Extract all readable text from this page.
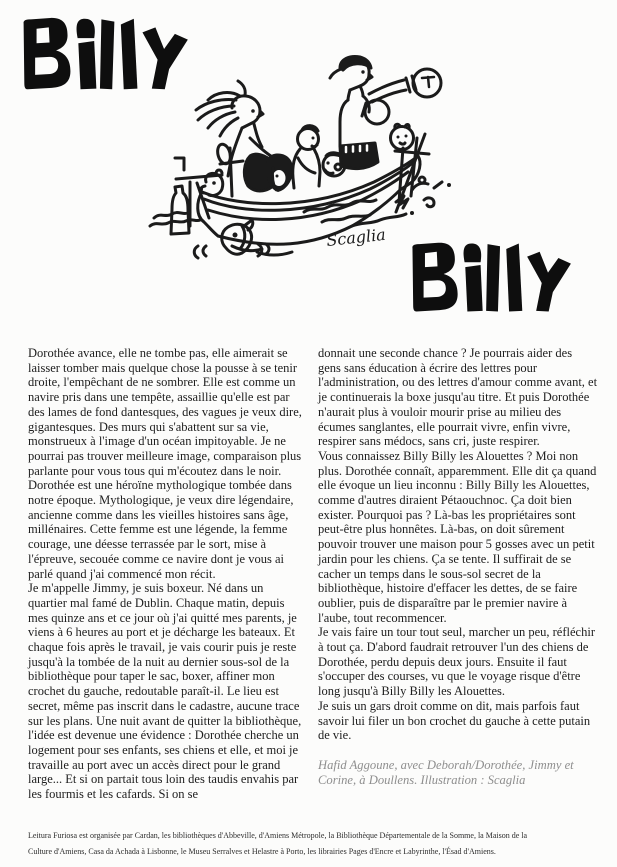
Scaglia

Dorothée avance, elle ne tombe pas, elle aimerait se laisser tomber mais quelque chose la pousse à se tenir droite, l'empêchant de ne sombrer. Elle est comme un navire pris dans une tempête, assaillie qu'elle est par des lames de fond dantesques, des vagues je veux dire, gigantesques. Des murs qui s'abattent sur sa vie, monstrueux à l'image d'un océan impitoyable. Je ne pourrai pas trouver meilleure image, comparaison plus parlante pour vous tous qui m'écoutez dans le noir. Dorothée est une héroïne mythologique tombée dans notre époque. Mythologique, je veux dire légendaire, ancienne comme dans les vieilles histoires sans âge, millénaires. Cette femme est une légende, la femme courage, une déesse terrassée par le sort, mise à l'épreuve, secouée comme ce navire dont je vous ai parlé quand j'ai commencé mon récit.

Je m'appelle Jimmy, je suis boxeur. Né dans un quartier mal famé de Dublin. Chaque matin, depuis mes quinze ans et ce jour où j'ai quitté mes parents, je viens à 6 heures au port et je décharge les bateaux. Et chaque fois après le travail, je vais courir puis je reste jusqu'à la tombée de la nuit au dernier sous-sol de la bibliothèque pour taper le sac, boxer, affiner mon crochet du gauche, redoutable paraît-il. Le lieu est secret, même pas inscrit dans le cadastre, aucune trace sur les plans. Une nuit avant de quitter la bibliothèque, l'idée est devenue une évidence : Dorothée cherche un logement pour ses enfants, ses chiens et elle, et moi je travaille au port avec un accès direct pour le grand large... Et si on partait tous loin des taudis envahis par les fourmis et les cafards. Si on se

donnait une seconde chance ? Je pourrais aider des gens sans éducation à écrire des lettres pour l'administration, ou des lettres d'amour comme avant, et je continuerais la boxe jusqu'au titre. Et puis Dorothée n'aurait plus à vouloir mourir prise au milieu des écumes sanglantes, elle pourrait vivre, enfin vivre, respirer sans médocs, sans cri, juste respirer.

Vous connaissez Billy Billy les Alouettes ? Moi non plus. Dorothée connaît, apparemment. Elle dit ça quand elle évoque un lieu inconnu : Billy Billy les Alouettes, comme d'autres diraient Pétaouchnoc. Ça doit bien exister. Pourquoi pas ? Là-bas les propriétaires sont peut-être plus honnêtes. Là-bas, on doit sûrement pouvoir trouver une maison pour 5 gosses avec un petit jardin pour les chiens. Ça se tente. Il suffirait de se cacher un temps dans le sous-sol secret de la bibliothèque, histoire d'effacer les dettes, de se faire oublier, puis de disparaître par le premier navire à l'aube, tout recommencer.

Je vais faire un tour tout seul, marcher un peu, réfléchir à tout ça. D'abord faudrait retrouver l'un des chiens de Dorothée, perdu depuis deux jours. Ensuite il faut s'occuper des courses, vu que le voyage risque d'être long jusqu'à Billy Billy les Alouettes.

Je suis un gars droit comme on dit, mais parfois faut savoir lui filer un bon crochet du gauche à cette putain de vie.

Hafid Aggoune, avec Deborah/Dorothée, Jimmy et Corine, à Doullens. Illustration : Scaglia

Leitura Furiosa est organisée par Cardan, les bibliothèques d'Abbeville, d'Amiens Métropole, la Bibliothèque Départementale de la Somme, la Maison de la
Culture d'Amiens, Casa da Achada à Lisbonne, le Museu Serralves et Helastre à Porto, les librairies Pages d'Encre et Labyrinthe, l'Ésad d'Amiens.
